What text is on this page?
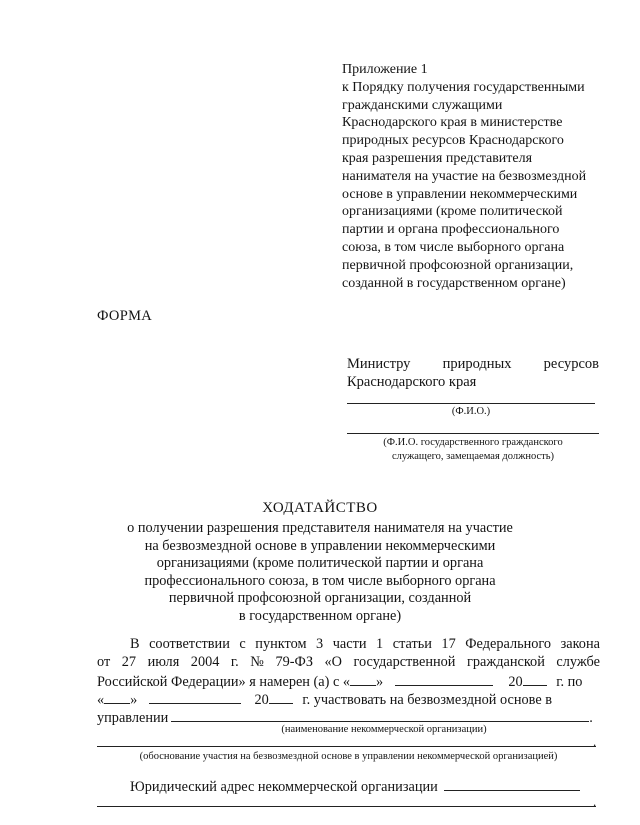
Приложение 1
к Порядку получения государственными
гражданскими служащими
Краснодарского края в министерстве
природных ресурсов Краснодарского
края разрешения представителя
нанимателя на участие на безвозмездной
основе в управлении некоммерческими
организациями (кроме политической
партии и органа профессионального
союза, в том числе выборного органа
первичной профсоюзной организации,
созданной в государственном органе)
ФОРМА
Министру природных ресурсов
Краснодарского края
(Ф.И.О.)
(Ф.И.О. государственного гражданского
служащего, замещаемая должность)
ХОДАТАЙСТВО
о получении разрешения представителя нанимателя на участие
на безвозмездной основе в управлении некоммерческими
организациями (кроме политической партии и органа
профессионального союза, в том числе выборного органа
первичной профсоюзной организации, созданной
в государственном органе)
В соответствии с пунктом 3 части 1 статьи 17 Федерального закона
от 27 июля 2004 г. № 79-ФЗ «О государственной гражданской службе
Российской Федерации» я намерен (а) с « »	20 г. по
« »	20 г. участвовать на безвозмездной основе в
управлении	.
(наименование некоммерческой организации)
.
(обоснование участия на безвозмездной основе в управлении некоммерческой организацией)
Юридический адрес некоммерческой организации
.
